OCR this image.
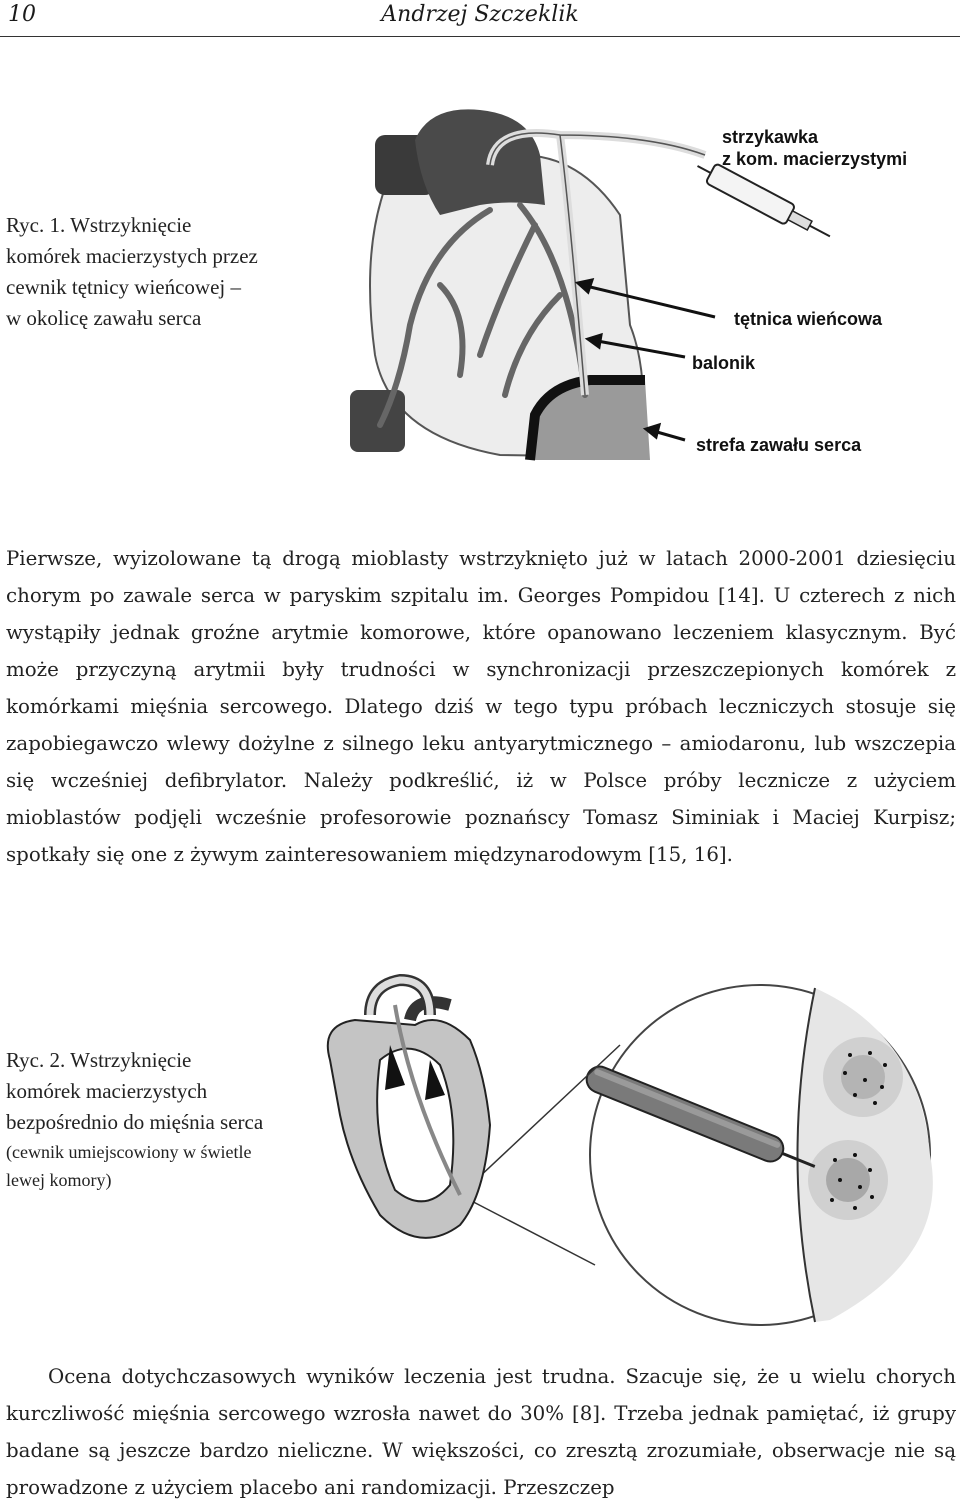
10	Andrzej Szczeklik
Ryc. 1. Wstrzyknięcie komórek macierzystych przez cewnik tętnicy wieńcowej – w okolicę zawału serca
strzykawka
z kom. macierzystymi
tętnica wieńcowa
balonik
strefa zawału serca

Pierwsze, wyizolowane tą drogą mioblasty wstrzyknięto już w latach 2000-2001 dziesięciu chorym po zawale serca w paryskim szpitalu im. Georges Pompidou [14]. U czterech z nich wystąpiły jednak groźne arytmie komorowe, które opanowano leczeniem klasycznym. Być może przyczyną arytmii były trudności w synchronizacji przeszczepionych komórek z komórkami mięśnia sercowego. Dlatego dziś w tego typu próbach leczniczych stosuje się zapobiegawczo wlewy dożylne z silnego leku antyarytmicznego – amiodaronu, lub wszczepia się wcześniej defibrylator. Należy podkreślić, iż w Polsce próby lecznicze z użyciem mioblastów podjęli wcześnie profesorowie poznańscy Tomasz Siminiak i Maciej Kurpisz; spotkały się one z żywym zainteresowaniem międzynarodowym [15, 16].

Ryc. 2. Wstrzyknięcie komórek macierzystych bezpośrednio do mięśnia serca
(cewnik umiejscowiony w świetle lewej komory)

Ocena dotychczasowych wyników leczenia jest trudna. Szacuje się, że u wielu chorych kurczliwość mięśnia sercowego wzrosła nawet do 30% [8]. Trzeba jednak pamiętać, iż grupy badane są jeszcze bardzo nieliczne. W większości, co zresztą zrozumiałe, obserwacje nie są prowadzone z użyciem placebo ani randomizacji. Przeszczep
